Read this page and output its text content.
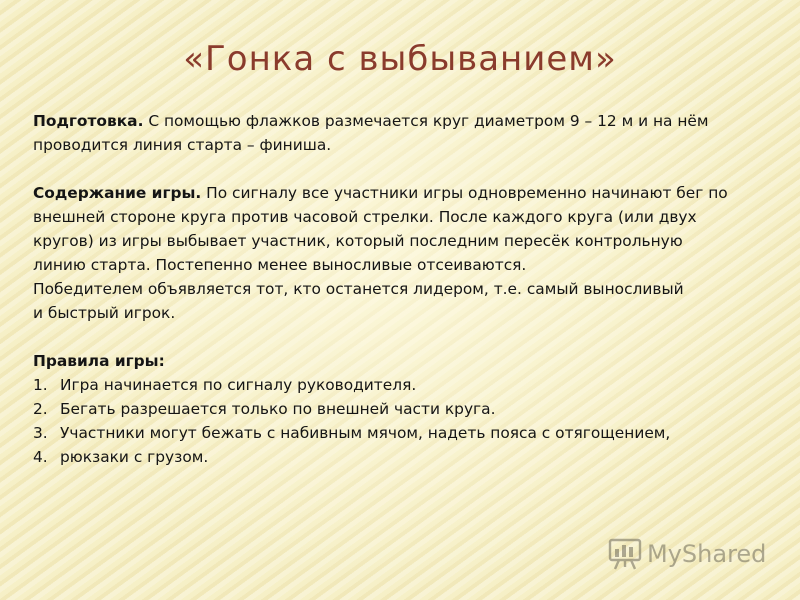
«Гонка с выбыванием»

Подготовка. С помощью флажков размечается круг диаметром 9 – 12 м и на нём

проводится линия старта – финиша.

Содержание игры. По сигналу все участники игры одновременно начинают бег по

внешней стороне круга против часовой стрелки. После каждого круга (или двух

кругов) из игры выбывает участник, который последним пересёк контрольную

линию старта. Постепенно менее выносливые отсеиваются.

Победителем объявляется тот, кто останется лидером, т.е. самый выносливый

и быстрый игрок.

Правила игры:

1. Игра начинается по сигналу руководителя.

2. Бегать разрешается только по внешней части круга.

3. Участники могут бежать с набивным мячом, надеть пояса с отягощением,

4. рюкзаки с грузом.

MyShared
